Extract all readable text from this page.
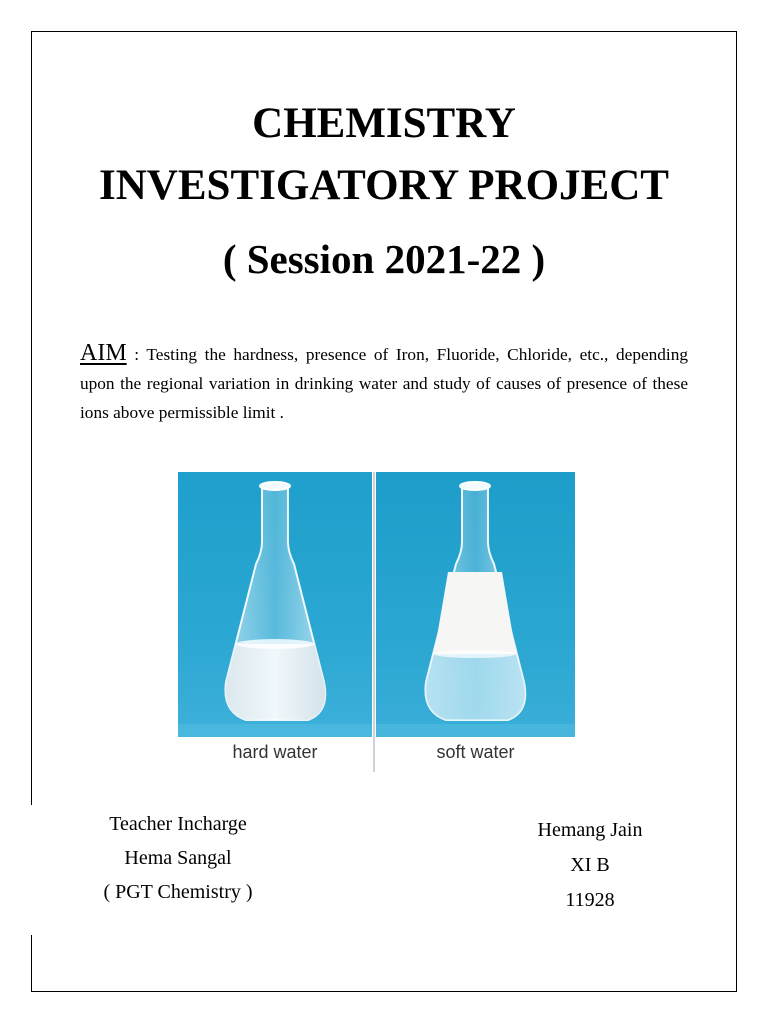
CHEMISTRY
INVESTIGATORY PROJECT
( Session 2021-22 )
AIM : Testing the hardness, presence of Iron, Fluoride, Chloride, etc., depending upon the regional variation in drinking water and study of causes of presence of these ions above permissible limit .
hard water	soft water
Teacher Incharge
Hema Sangal
( PGT Chemistry )
Hemang Jain
XI B
11928
